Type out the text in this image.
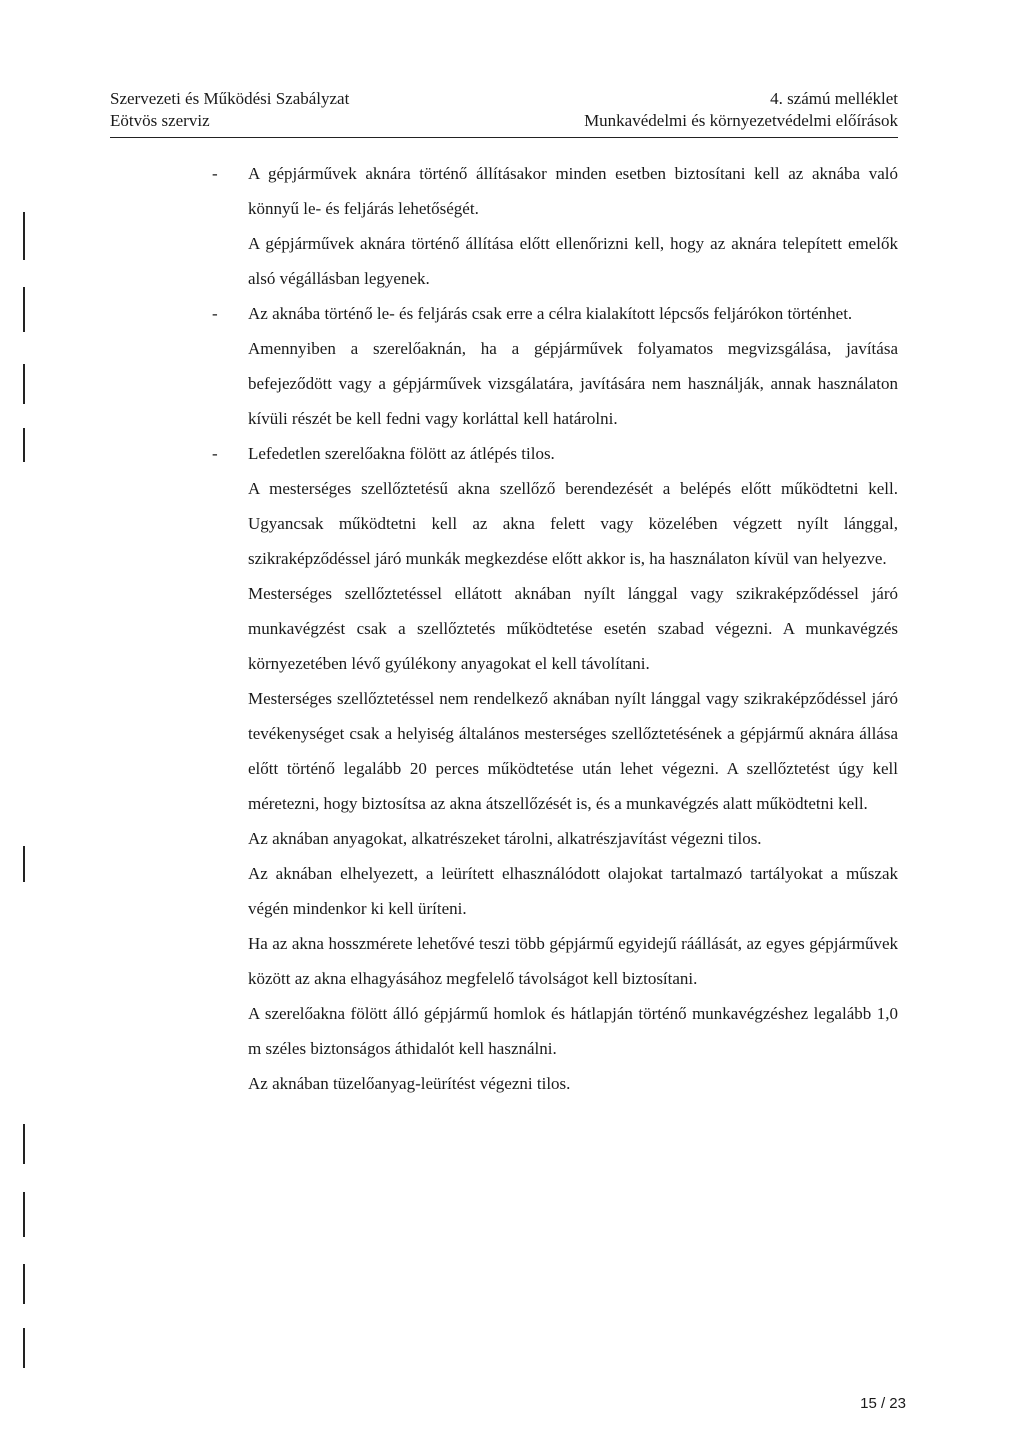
Szervezeti és Működési Szabályzat	4. számú melléklet
Eötvös szerviz	Munkavédelmi és környezetvédelmi előírások

- A gépjárművek aknára történő állításakor minden esetben biztosítani kell az aknába való könnyű le- és feljárás lehetőségét.

A gépjárművek aknára történő állítása előtt ellenőrizni kell, hogy az aknára telepített emelők alsó végállásban legyenek.

- Az aknába történő le- és feljárás csak erre a célra kialakított lépcsős feljárókon történhet.

Amennyiben a szerelőaknán, ha a gépjárművek folyamatos megvizsgálása, javítása befejeződött vagy a gépjárművek vizsgálatára, javítására nem használják, annak használaton kívüli részét be kell fedni vagy korláttal kell határolni.

- Lefedetlen szerelőakna fölött az átlépés tilos.

A mesterséges szellőztetésű akna szellőző berendezését a belépés előtt működtetni kell. Ugyancsak működtetni kell az akna felett vagy közelében végzett nyílt lánggal, szikraképződéssel járó munkák megkezdése előtt akkor is, ha használaton kívül van helyezve.

Mesterséges szellőztetéssel ellátott aknában nyílt lánggal vagy szikraképződéssel járó munkavégzést csak a szellőztetés működtetése esetén szabad végezni. A munkavégzés környezetében lévő gyúlékony anyagokat el kell távolítani.

Mesterséges szellőztetéssel nem rendelkező aknában nyílt lánggal vagy szikraképződéssel járó tevékenységet csak a helyiség általános mesterséges szellőztetésének a gépjármű aknára állása előtt történő legalább 20 perces működtetése után lehet végezni. A szellőztetést úgy kell méretezni, hogy biztosítsa az akna átszellőzését is, és a munkavégzés alatt működtetni kell.

Az aknában anyagokat, alkatrészeket tárolni, alkatrészjavítást végezni tilos.

Az aknában elhelyezett, a leürített elhasználódott olajokat tartalmazó tartályokat a műszak végén mindenkor ki kell üríteni.

Ha az akna hosszmérete lehetővé teszi több gépjármű egyidejű ráállását, az egyes gépjárművek között az akna elhagyásához megfelelő távolságot kell biztosítani.

A szerelőakna fölött álló gépjármű homlok és hátlapján történő munkavégzéshez legalább 1,0 m széles biztonságos áthidalót kell használni.

Az aknában tüzelőanyag-leürítést végezni tilos.

15 / 23
